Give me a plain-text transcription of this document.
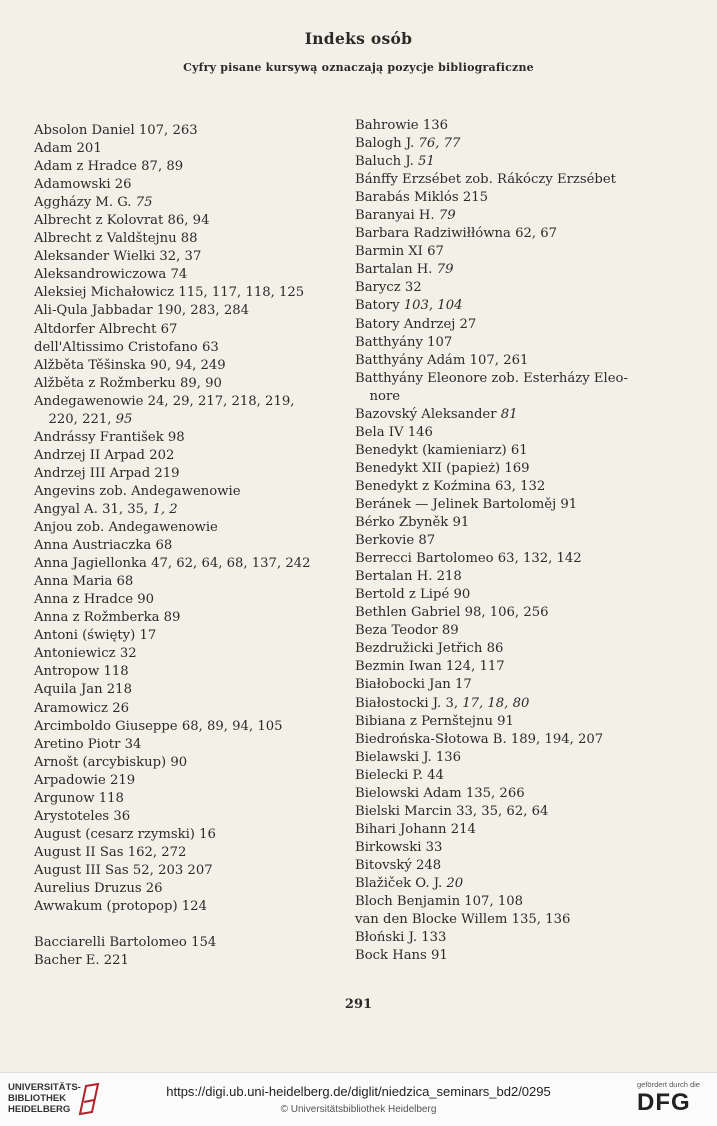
Indeks osób
Cyfry pisane kursywą oznaczają pozycje bibliograficzne
Absolon Daniel 107, 263
Adam 201
Adam z Hradce 87, 89
Adamowski 26
Aggházy M. G. 75
Albrecht z Kolovrat 86, 94
Albrecht z Valdštejnu 88
Aleksander Wielki 32, 37
Aleksandrowiczowa 74
Aleksiej Michałowicz 115, 117, 118, 125
Ali-Qula Jabbadar 190, 283, 284
Altdorfer Albrecht 67
dell'Altissimo Cristofano 63
Alžběta Těšinska 90, 94, 249
Alžběta z Rožmberku 89, 90
Andegawenowie 24, 29, 217, 218, 219,
220, 221, 95
Andrássy František 98
Andrzej II Arpad 202
Andrzej III Arpad 219
Angevins zob. Andegawenowie
Angyal A. 31, 35, 1, 2
Anjou zob. Andegawenowie
Anna Austriaczka 68
Anna Jagiellonka 47, 62, 64, 68, 137, 242
Anna Maria 68
Anna z Hradce 90
Anna z Rožmberka 89
Antoni (święty) 17
Antoniewicz 32
Antropow 118
Aquila Jan 218
Aramowicz 26
Arcimboldo Giuseppe 68, 89, 94, 105
Aretino Piotr 34
Arnošt (arcybiskup) 90
Arpadowie 219
Argunow 118
Arystoteles 36
August (cesarz rzymski) 16
August II Sas 162, 272
August III Sas 52, 203 207
Aurelius Druzus 26
Awwakum (protopop) 124
Bacciarelli Bartolomeo 154
Bacher E. 221
Bahrowie 136
Balogh J. 76, 77
Baluch J. 51
Bánffy Erzsébet zob. Rákóczy Erzsébet
Barabás Miklós 215
Baranyai H. 79
Barbara Radziwiłłówna 62, 67
Barmin XI 67
Bartalan H. 79
Barycz 32
Batory 103, 104
Batory Andrzej 27
Batthyány 107
Batthyány Adám 107, 261
Batthyány Eleonore zob. Esterházy Eleo-
nore
Bazovský Aleksander 81
Bela IV 146
Benedykt (kamieniarz) 61
Benedykt XII (papież) 169
Benedykt z Koźmina 63, 132
Beránek — Jelinek Bartoloměj 91
Bérko Zbyněk 91
Berkovie 87
Berrecci Bartolomeo 63, 132, 142
Bertalan H. 218
Bertold z Lipé 90
Bethlen Gabriel 98, 106, 256
Beza Teodor 89
Bezdružicki Jetřich 86
Bezmin Iwan 124, 117
Białobocki Jan 17
Białostocki J. 3, 17, 18, 80
Bibiana z Pernštejnu 91
Biedrońska-Słotowa B. 189, 194, 207
Bielawski J. 136
Bielecki P. 44
Bielowski Adam 135, 266
Bielski Marcin 33, 35, 62, 64
Bihari Johann 214
Birkowski 33
Bitovský 248
Blažiček O. J. 20
Bloch Benjamin 107, 108
van den Blocke Willem 135, 136
Błoński J. 133
Bock Hans 91
291
UNIVERSITÄTS-
BIBLIOTHEK
HEIDELBERG
https://digi.ub.uni-heidelberg.de/diglit/niedzica_seminars_bd2/0295
© Universitätsbibliothek Heidelberg
gefördert durch die
DFG
